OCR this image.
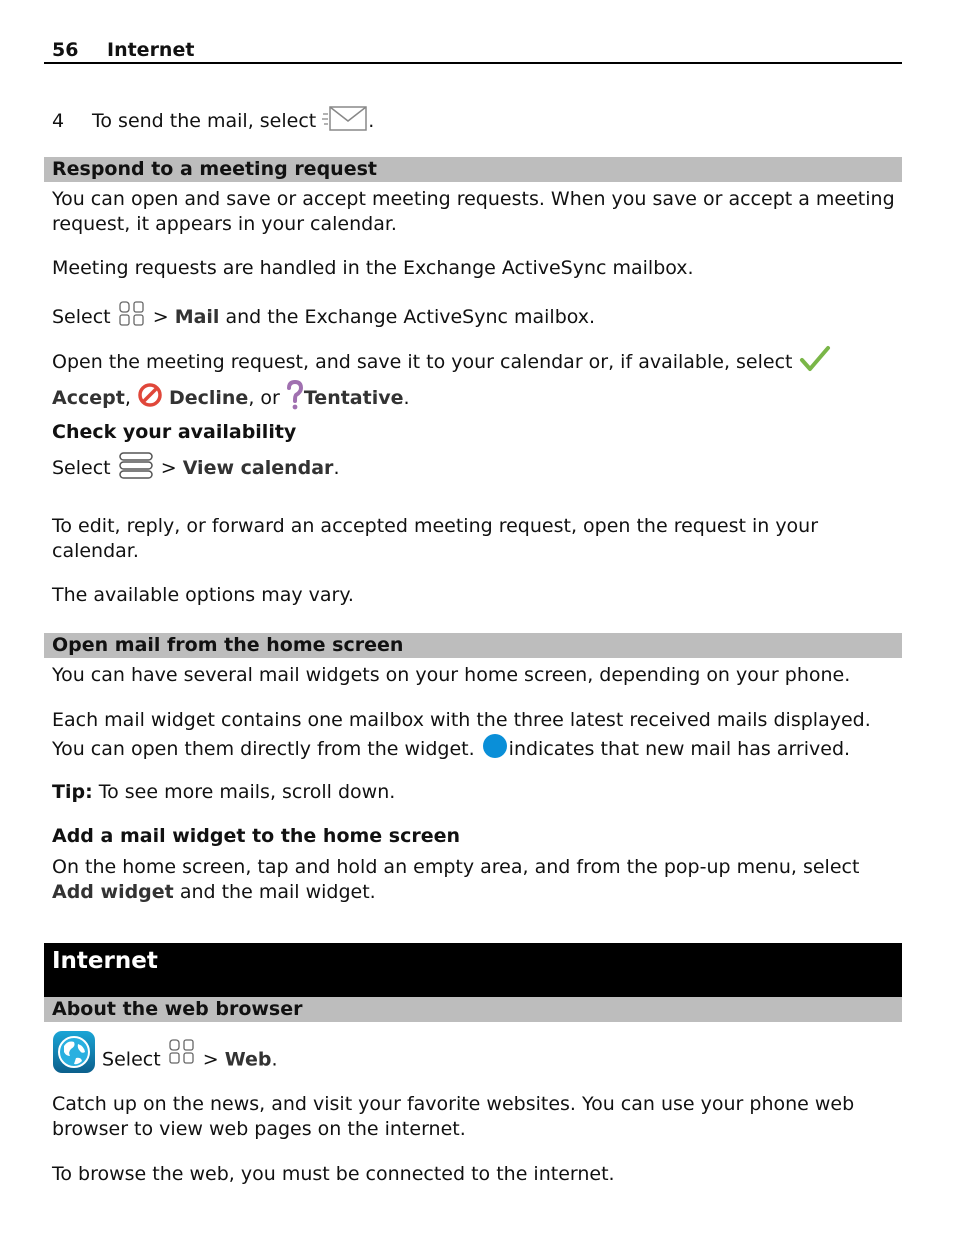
56 Internet
4 To send the mail, select	.
Respond to a meeting request
You can open and save or accept meeting requests. When you save or accept a meeting request, it appears in your calendar.
Meeting requests are handled in the Exchange ActiveSync mailbox.
Select > Mail and the Exchange ActiveSync mailbox.
Open the meeting request, and save it to your calendar or, if available, select
Accept, Decline, or Tentative.
Check your availability
Select	> View calendar.
To edit, reply, or forward an accepted meeting request, open the request in your calendar.
The available options may vary.
Open mail from the home screen
You can have several mail widgets on your home screen, depending on your phone.
Each mail widget contains one mailbox with the three latest received mails displayed.
You can open them directly from the widget. indicates that new mail has arrived.
Tip: To see more mails, scroll down.
Add a mail widget to the home screen
On the home screen, tap and hold an empty area, and from the pop-up menu, select
Add widget and the mail widget.
Internet
About the web browser
Select > Web.
Catch up on the news, and visit your favorite websites. You can use your phone web browser to view web pages on the internet.
To browse the web, you must be connected to the internet.
